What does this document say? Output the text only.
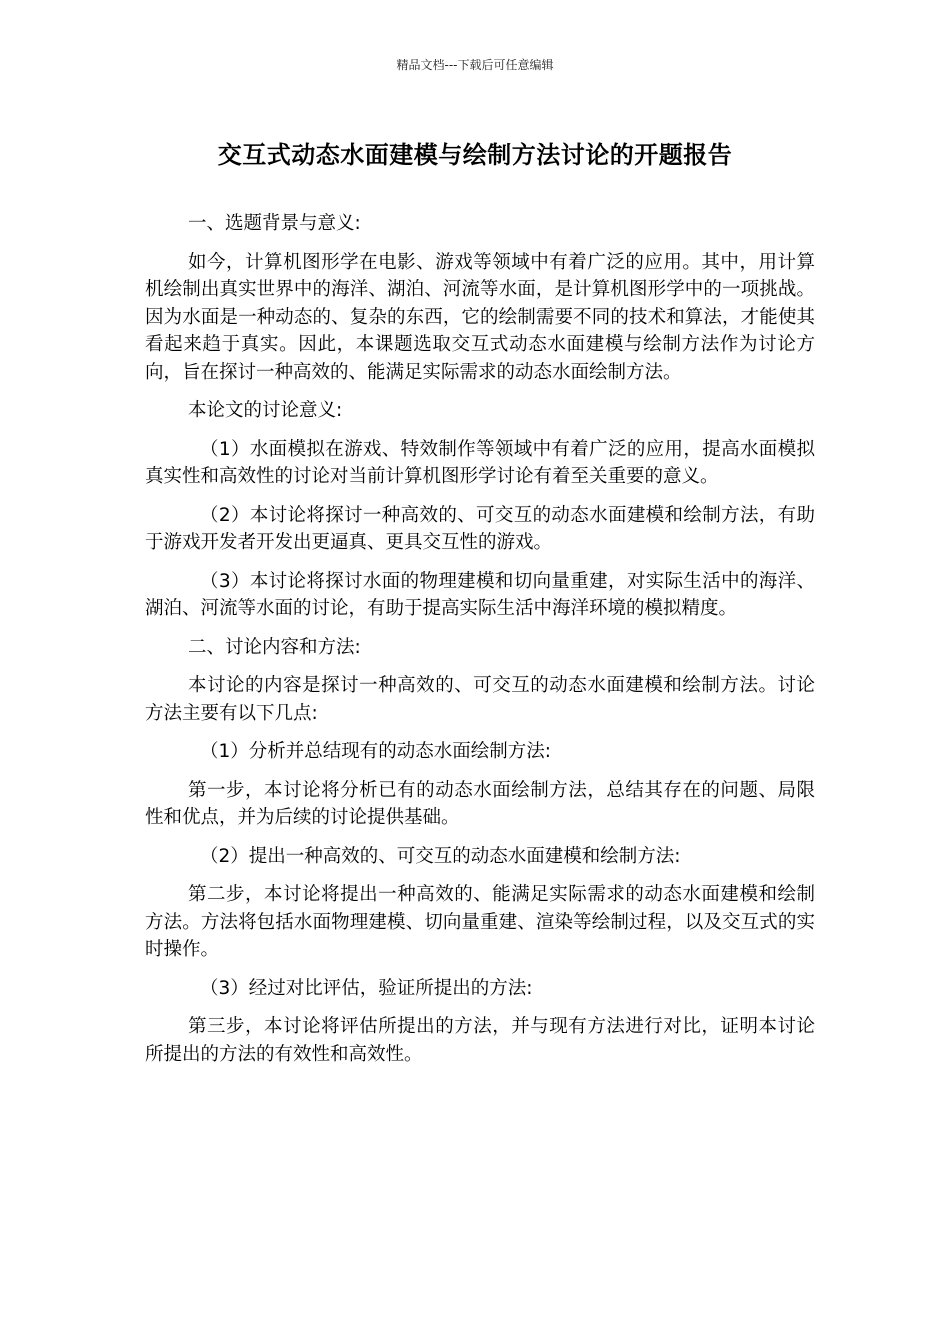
精品文档---下载后可任意编辑
交互式动态水面建模与绘制方法讨论的开题报告

一、选题背景与意义:

如今，计算机图形学在电影、游戏等领域中有着广泛的应用。其中，用计算机绘制出真实世界中的海洋、湖泊、河流等水面，是计算机图形学中的一项挑战。因为水面是一种动态的、复杂的东西，它的绘制需要不同的技术和算法，才能使其看起来趋于真实。因此，本课题选取交互式动态水面建模与绘制方法作为讨论方向，旨在探讨一种高效的、能满足实际需求的动态水面绘制方法。

本论文的讨论意义:

（1）水面模拟在游戏、特效制作等领域中有着广泛的应用，提高水面模拟真实性和高效性的讨论对当前计算机图形学讨论有着至关重要的意义。

（2）本讨论将探讨一种高效的、可交互的动态水面建模和绘制方法，有助于游戏开发者开发出更逼真、更具交互性的游戏。

（3）本讨论将探讨水面的物理建模和切向量重建，对实际生活中的海洋、湖泊、河流等水面的讨论，有助于提高实际生活中海洋环境的模拟精度。

二、讨论内容和方法:

本讨论的内容是探讨一种高效的、可交互的动态水面建模和绘制方法。讨论方法主要有以下几点:

（1）分析并总结现有的动态水面绘制方法:

第一步，本讨论将分析已有的动态水面绘制方法，总结其存在的问题、局限性和优点，并为后续的讨论提供基础。

（2）提出一种高效的、可交互的动态水面建模和绘制方法:

第二步，本讨论将提出一种高效的、能满足实际需求的动态水面建模和绘制方法。方法将包括水面物理建模、切向量重建、渲染等绘制过程，以及交互式的实时操作。

（3）经过对比评估，验证所提出的方法:

第三步，本讨论将评估所提出的方法，并与现有方法进行对比，证明本讨论所提出的方法的有效性和高效性。
